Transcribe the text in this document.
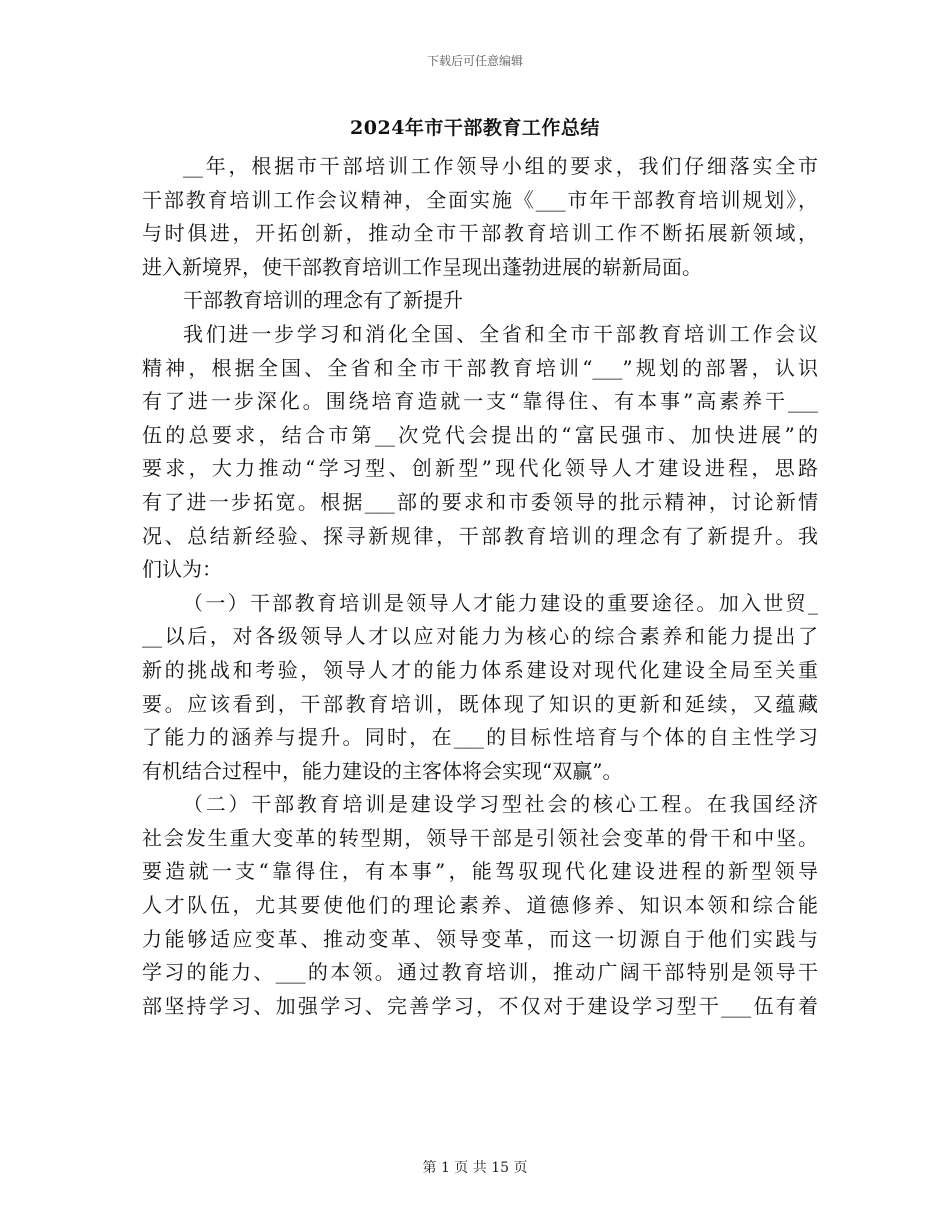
下载后可任意编辑
2024年市干部教育工作总结
__年，根据市干部培训工作领导小组的要求，我们仔细落实全市
干部教育培训工作会议精神，全面实施《___市年干部教育培训规划》，
与时俱进，开拓创新，推动全市干部教育培训工作不断拓展新领域，
进入新境界，使干部教育培训工作呈现出蓬勃进展的崭新局面。
干部教育培训的理念有了新提升
我们进一步学习和消化全国、全省和全市干部教育培训工作会议
精神，根据全国、全省和全市干部教育培训“___”规划的部署，认识
有了进一步深化。围绕培育造就一支“靠得住、有本事”高素养干___
伍的总要求，结合市第__次党代会提出的“富民强市、加快进展”的
要求，大力推动“学习型、创新型”现代化领导人才建设进程，思路
有了进一步拓宽。根据___部的要求和市委领导的批示精神，讨论新情
况、总结新经验、探寻新规律，干部教育培训的理念有了新提升。我
们认为：
（一）干部教育培训是领导人才能力建设的重要途径。加入世贸_
__以后，对各级领导人才以应对能力为核心的综合素养和能力提出了
新的挑战和考验，领导人才的能力体系建设对现代化建设全局至关重
要。应该看到，干部教育培训，既体现了知识的更新和延续，又蕴藏
了能力的涵养与提升。同时，在___的目标性培育与个体的自主性学习
有机结合过程中，能力建设的主客体将会实现“双赢”。
（二）干部教育培训是建设学习型社会的核心工程。在我国经济
社会发生重大变革的转型期，领导干部是引领社会变革的骨干和中坚。
要造就一支“靠得住，有本事”，能驾驭现代化建设进程的新型领导
人才队伍，尤其要使他们的理论素养、道德修养、知识本领和综合能
力能够适应变革、推动变革、领导变革，而这一切源自于他们实践与
学习的能力、___的本领。通过教育培训，推动广阔干部特别是领导干
部坚持学习、加强学习、完善学习，不仅对于建设学习型干___伍有着
第 1 页 共 15 页
